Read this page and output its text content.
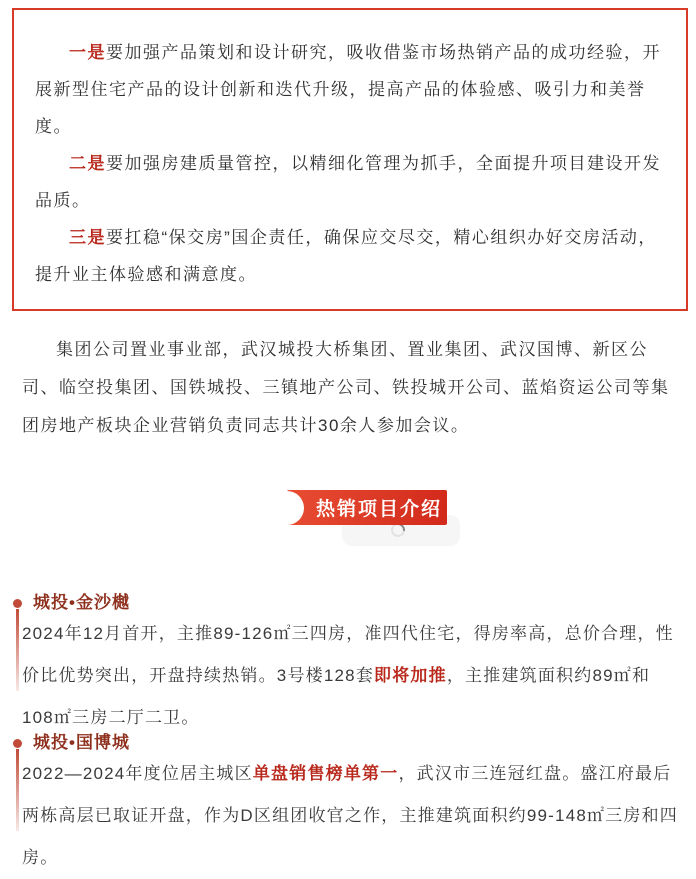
一是要加强产品策划和设计研究，吸收借鉴市场热销产品的成功经验，开展新型住宅产品的设计创新和迭代升级，提高产品的体验感、吸引力和美誉度。

二是要加强房建质量管控，以精细化管理为抓手，全面提升项目建设开发品质。

三是要扛稳“保交房”国企责任，确保应交尽交，精心组织办好交房活动，提升业主体验感和满意度。

集团公司置业事业部，武汉城投大桥集团、置业集团、武汉国博、新区公司、临空投集团、国铁城投、三镇地产公司、铁投城开公司、蓝焰资运公司等集团房地产板块企业营销负责同志共计30余人参加会议。

热销项目介绍
城投•金沙樾

2024年12月首开，主推89-126㎡三四房，准四代住宅，得房率高，总价合理，性价比优势突出，开盘持续热销。3号楼128套即将加推，主推建筑面积约89㎡和108㎡三房二厅二卫。

城投•国博城

2022—2024年度位居主城区单盘销售榜单第一，武汉市三连冠红盘。盛江府最后两栋高层已取证开盘，作为D区组团收官之作，主推建筑面积约99-148㎡三房和四房。
